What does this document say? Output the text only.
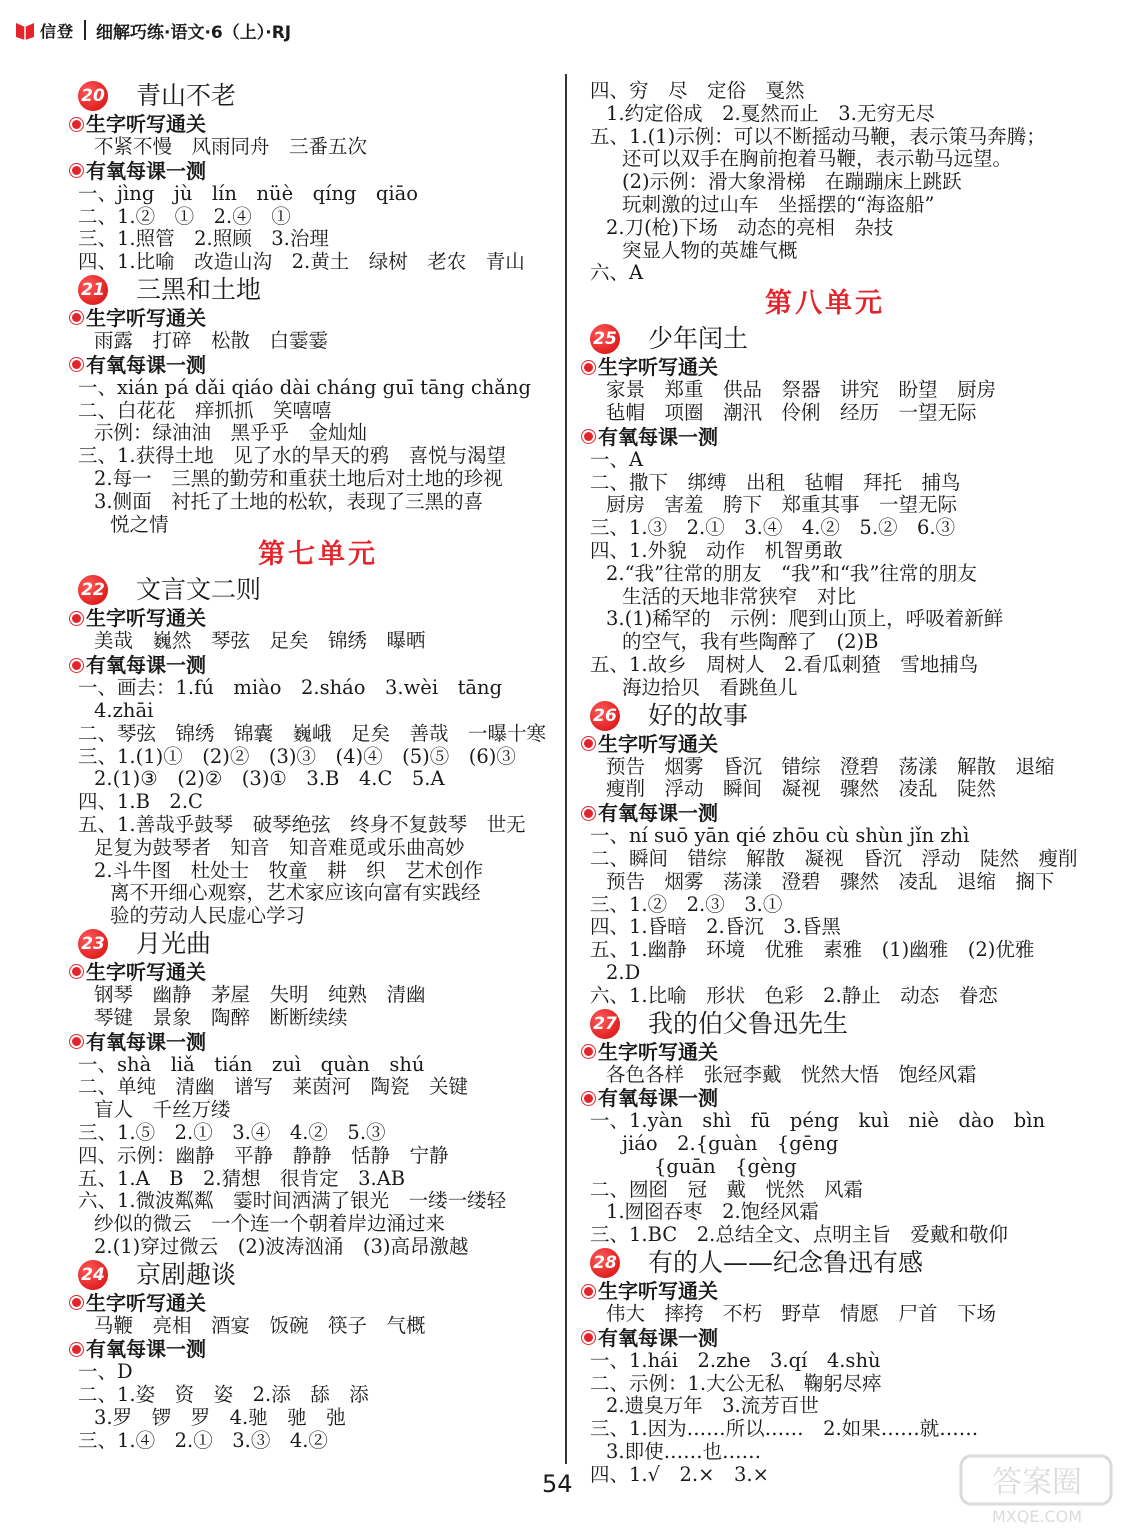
信登 细解巧练·语文·6（上）·RJ
20 青山不老
生字听写通关
不紧不慢　风雨同舟　三番五次
有氧每课一测
一、jìng　jù　lín　nüè　qíng　qiāo
二、1.②　①　2.④　①
三、1.照管　2.照顾　3.治理
四、1.比喻　改造山沟　2.黄土　绿树　老农　青山
21 三黑和土地
生字听写通关
雨露　打碎　松散　白霎霎
有氧每课一测
一、xián pá dǎi qiáo dài cháng guī tāng chǎng
二、白花花　痒抓抓　笑嘻嘻
示例：绿油油　黑乎乎　金灿灿
三、1.获得土地　见了水的旱天的鸦　喜悦与渴望
2.每一　三黑的勤劳和重获土地后对土地的珍视
3.侧面　衬托了土地的松软，表现了三黑的喜
悦之情
第七单元
22 文言文二则
生字听写通关
美哉　巍然　琴弦　足矣　锦绣　曝晒
有氧每课一测
一、画去：1.fú　miào　2.sháo　3.wèi　tāng
4.zhāi
二、琴弦　锦绣　锦囊　巍峨　足矣　善哉　一曝十寒
三、1.(1)①　(2)②　(3)③　(4)④　(5)⑤　(6)③
2.(1)③　(2)②　(3)①　3.B　4.C　5.A
四、1.B　2.C
五、1.善哉乎鼓琴　破琴绝弦　终身不复鼓琴　世无
足复为鼓琴者　知音　知音难觅或乐曲高妙
2.斗牛图　杜处士　牧童　耕　织　艺术创作
离不开细心观察，艺术家应该向富有实践经
验的劳动人民虚心学习
23 月光曲
生字听写通关
钢琴　幽静　茅屋　失明　纯熟　清幽
琴键　景象　陶醉　断断续续
有氧每课一测
一、shà　liǎ　tián　zuì　quàn　shú
二、单纯　清幽　谱写　莱茵河　陶瓷　关键
盲人　千丝万缕
三、1.⑤　2.①　3.④　4.②　5.③
四、示例：幽静　平静　静静　恬静　宁静
五、1.A　B　2.猜想　很肯定　3.AB
六、1.微波粼粼　霎时间洒满了银光　一缕一缕轻
纱似的微云　一个连一个朝着岸边涌过来
2.(1)穿过微云　(2)波涛汹涌　(3)高昂激越
24 京剧趣谈
生字听写通关
马鞭　亮相　酒宴　饭碗　筷子　气概
有氧每课一测
一、D
二、1.姿　资　姿　2.添　舔　添
3.罗　锣　罗　4.驰　驰　弛
三、1.④　2.①　3.③　4.②
四、穷　尽　定俗　戛然
1.约定俗成　2.戛然而止　3.无穷无尽
五、1.(1)示例：可以不断摇动马鞭，表示策马奔腾；
还可以双手在胸前抱着马鞭，表示勒马远望。
(2)示例：滑大象滑梯　在蹦蹦床上跳跃
玩刺激的过山车　坐摇摆的“海盗船”
2.刀(枪)下场　动态的亮相　杂技
突显人物的英雄气概
六、A
第八单元
25 少年闰土
生字听写通关
家景　郑重　供品　祭器　讲究　盼望　厨房
毡帽　项圈　潮汛　伶俐　经历　一望无际
有氧每课一测
一、A
二、撒下　绑缚　出租　毡帽　拜托　捕鸟
厨房　害羞　胯下　郑重其事　一望无际
三、1.③　2.①　3.④　4.②　5.②　6.③
四、1.外貌　动作　机智勇敢
2.“我”往常的朋友　“我”和“我”往常的朋友
生活的天地非常狭窄　对比
3.(1)稀罕的　示例：爬到山顶上，呼吸着新鲜
的空气，我有些陶醉了　(2)B
五、1.故乡　周树人　2.看瓜刺猹　雪地捕鸟
海边拾贝　看跳鱼儿
26 好的故事
生字听写通关
预告　烟雾　昏沉　错综　澄碧　荡漾　解散　退缩
瘦削　浮动　瞬间　凝视　骤然　凌乱　陡然
有氧每课一测
一、ní suō yān qié zhōu cù shùn jǐn zhì
二、瞬间　错综　解散　凝视　昏沉　浮动　陡然　瘦削
预告　烟雾　荡漾　澄碧　骤然　凌乱　退缩　搁下
三、1.②　2.③　3.①
四、1.昏暗　2.昏沉　3.昏黑
五、1.幽静　环境　优雅　素雅　(1)幽雅　(2)优雅
2.D
六、1.比喻　形状　色彩　2.静止　动态　眷恋
27 我的伯父鲁迅先生
生字听写通关
各色各样　张冠李戴　恍然大悟　饱经风霜
有氧每课一测
一、1.yàn　shì　fū　péng　kuì　niè　dào　bìn
jiáo　2.{guàn　{gēng
{guān　{gèng
二、囫囵　冠　戴　恍然　风霜
1.囫囵吞枣　2.饱经风霜
三、1.BC　2.总结全文、点明主旨　爱戴和敬仰
28 有的人——纪念鲁迅有感
生字听写通关
伟大　摔挎　不朽　野草　情愿　尸首　下场
有氧每课一测
一、1.hái　2.zhe　3.qí　4.shù
二、示例：1.大公无私　鞠躬尽瘁
2.遗臭万年　3.流芳百世
三、1.因为……所以……　2.如果……就……
3.即使……也……
四、1.√　2.×　3.×
54	答案圈
MXQE.COM
